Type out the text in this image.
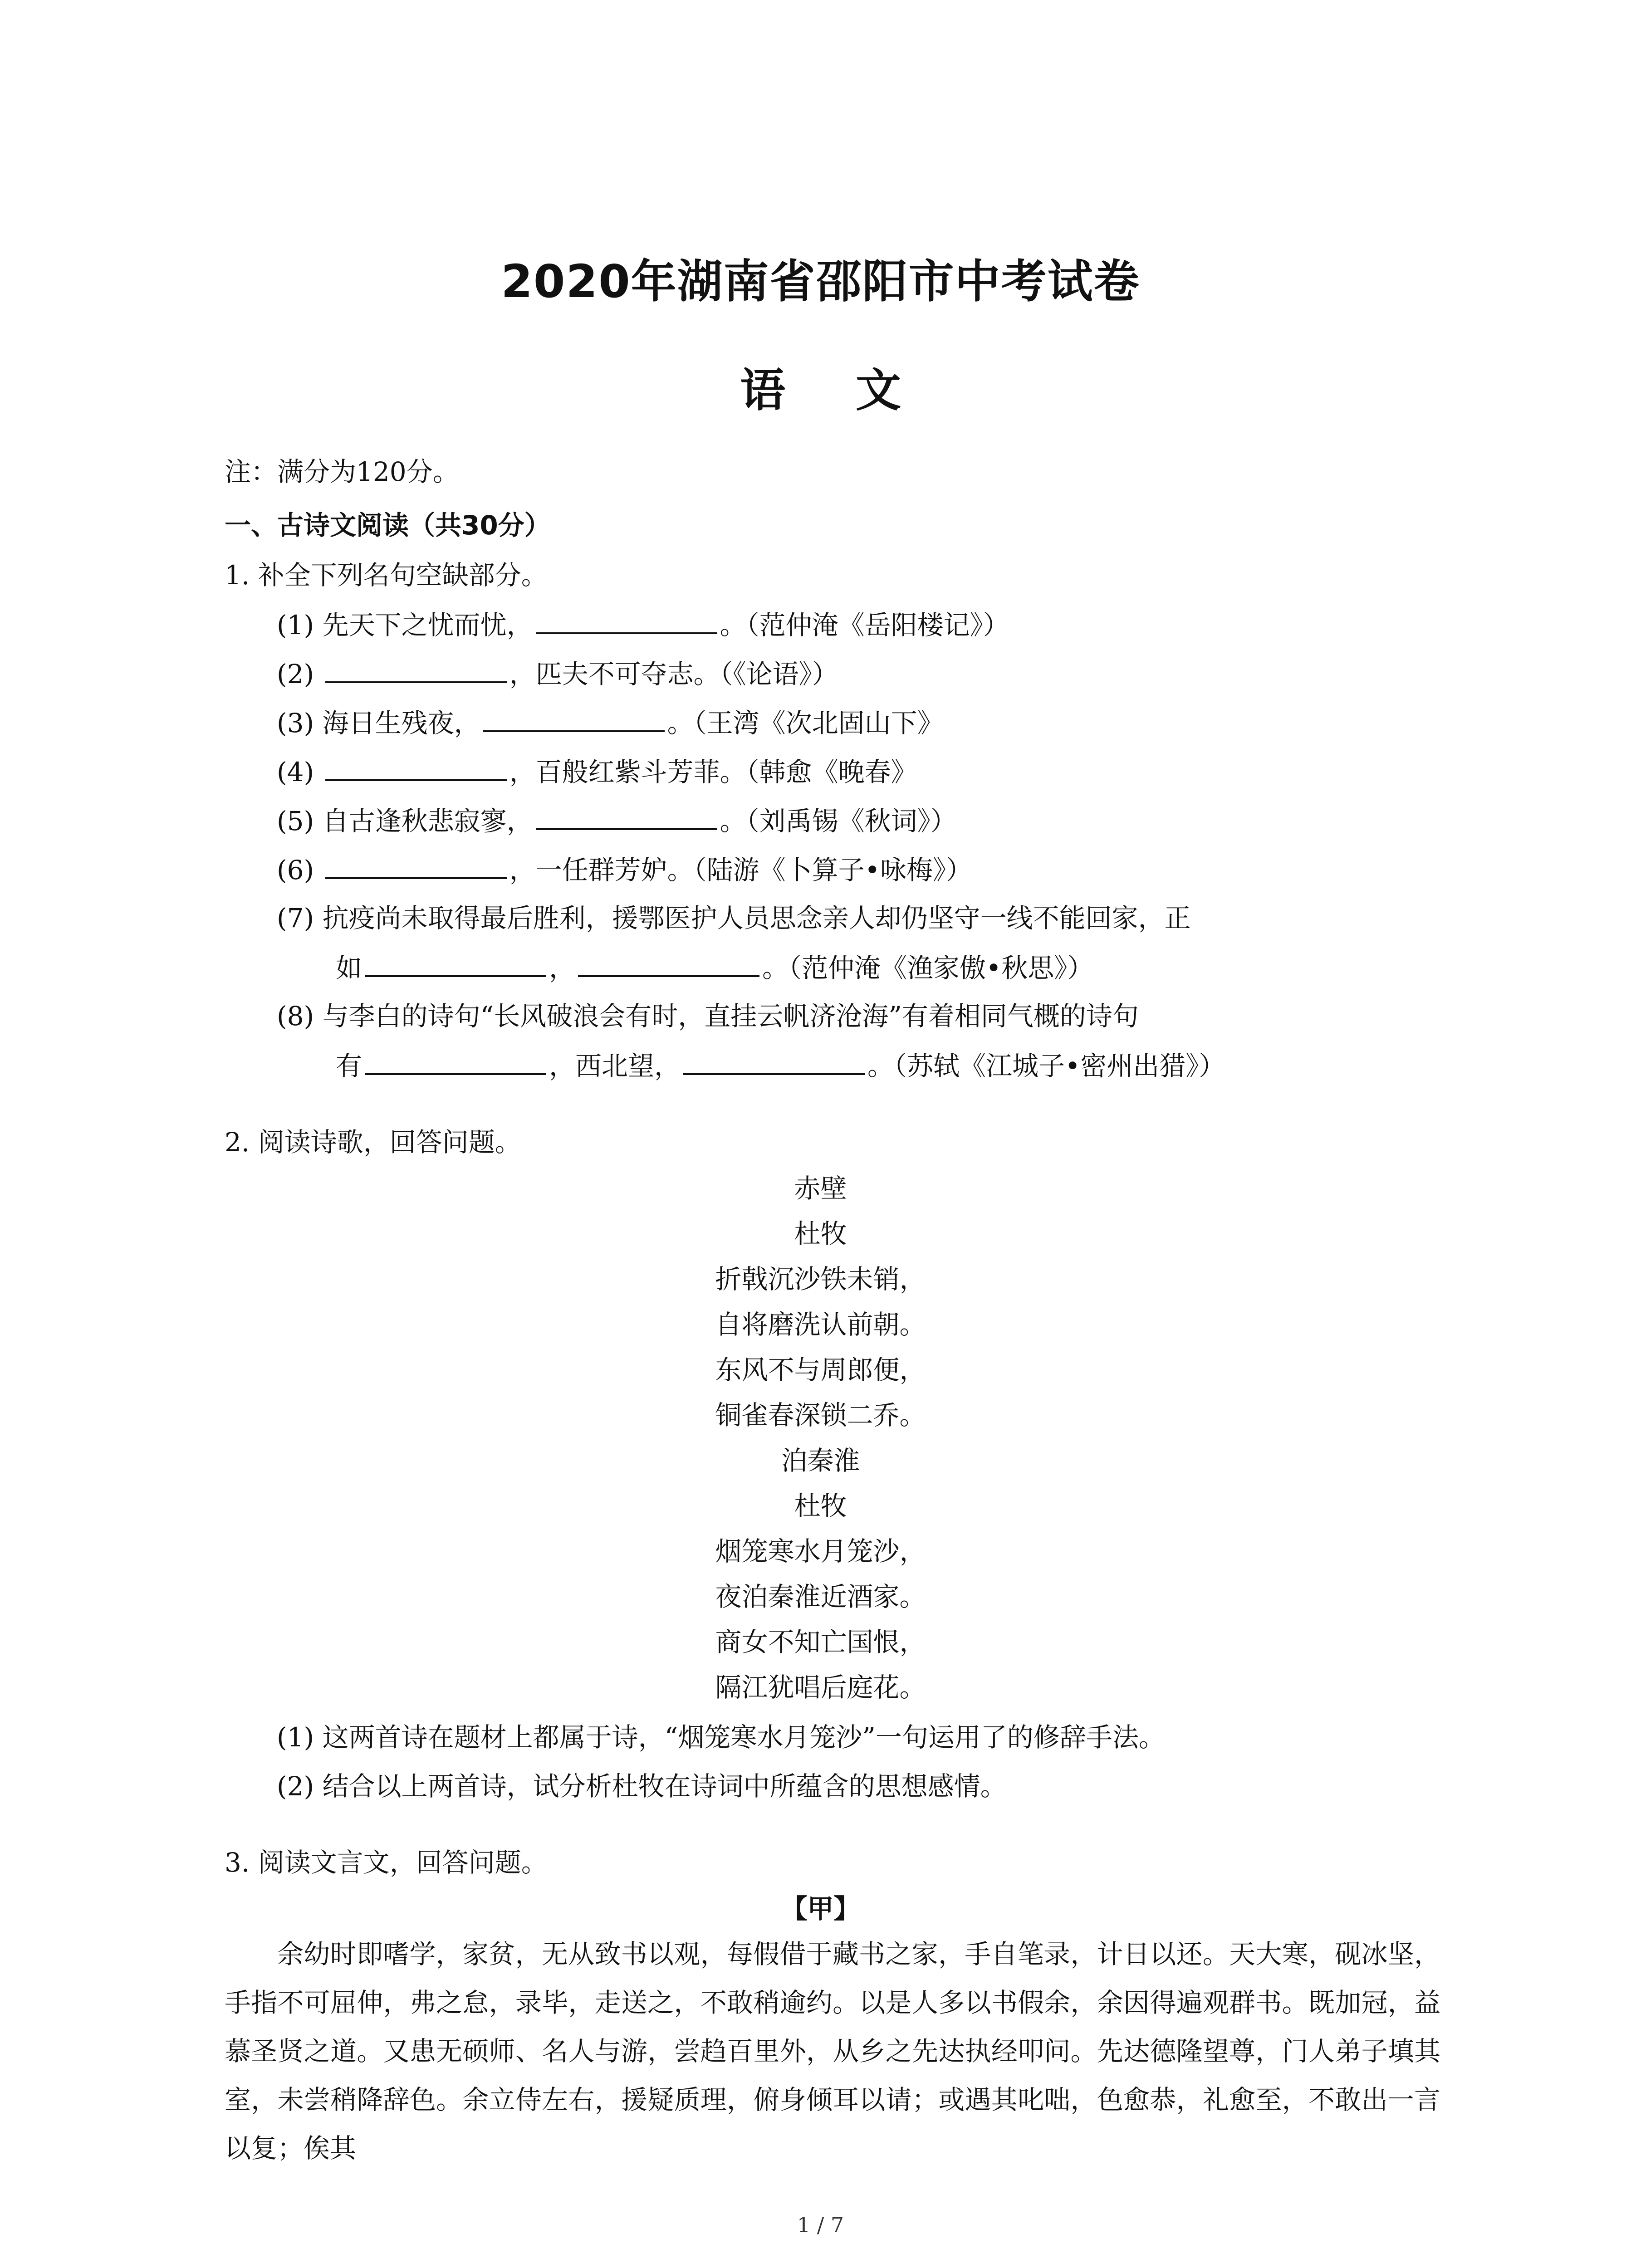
2020年湖南省邵阳市中考试卷
语 文
注：满分为120分。
一、古诗文阅读（共30分）
1. 补全下列名句空缺部分。
(1) 先天下之忧而忧，	。（范仲淹《岳阳楼记》）
(2)	，匹夫不可夺志。（《论语》）
(3) 海日生残夜，	。（王湾《次北固山下》
(4)	，百般红紫斗芳菲。（韩愈《晚春》
(5) 自古逢秋悲寂寥，	。（刘禹锡《秋词》）
(6)	，一任群芳妒。（陆游《卜算子•咏梅》）
(7) 抗疫尚未取得最后胜利，援鄂医护人员思念亲人却仍坚守一线不能回家，正
如	，	。（范仲淹《渔家傲•秋思》）
(8) 与李白的诗句“长风破浪会有时，直挂云帆济沧海”有着相同气概的诗句
有	，西北望，	。（苏轼《江城子•密州出猎》）
2. 阅读诗歌，回答问题。
赤壁
杜牧
折戟沉沙铁未销，
自将磨洗认前朝。
东风不与周郎便，
铜雀春深锁二乔。
泊秦淮
杜牧
烟笼寒水月笼沙，
夜泊秦淮近酒家。
商女不知亡国恨，
隔江犹唱后庭花。
(1) 这两首诗在题材上都属于诗，“烟笼寒水月笼沙”一句运用了的修辞手法。
(2) 结合以上两首诗，试分析杜牧在诗词中所蕴含的思想感情。
3. 阅读文言文，回答问题。
【甲】
余幼时即嗜学，家贫，无从致书以观，每假借于藏书之家，手自笔录，计日以还。天大寒，砚冰坚，手指不可屈伸，弗之怠，录毕，走送之，不敢稍逾约。以是人多以书假余，余因得遍观群书。既加冠，益慕圣贤之道。又患无硕师、名人与游，尝趋百里外，从乡之先达执经叩问。先达德隆望尊，门人弟子填其室，未尝稍降辞色。余立侍左右，援疑质理，俯身倾耳以请；或遇其叱咄，色愈恭，礼愈至，不敢出一言以复；俟其
1 / 7
